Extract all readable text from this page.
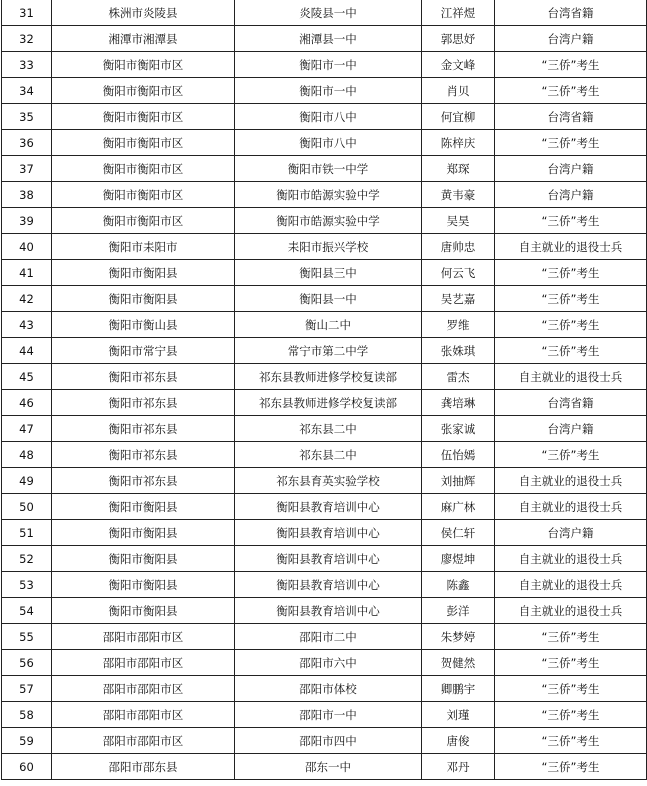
31	株洲市炎陵县	炎陵县一中	江祥煜	台湾省籍
32	湘潭市湘潭县	湘潭县一中	郭思妤	台湾户籍
33	衡阳市衡阳市区	衡阳市一中	金文峰	“三侨”考生
34	衡阳市衡阳市区	衡阳市一中	肖贝	“三侨”考生
35	衡阳市衡阳市区	衡阳市八中	何宜柳	台湾省籍
36	衡阳市衡阳市区	衡阳市八中	陈梓庆	“三侨”考生
37	衡阳市衡阳市区	衡阳市铁一中学	郑琛	台湾户籍
38	衡阳市衡阳市区	衡阳市皓源实验中学	黄韦豪	台湾户籍
39	衡阳市衡阳市区	衡阳市皓源实验中学	吴昊	“三侨”考生
40	衡阳市耒阳市	耒阳市振兴学校	唐帅忠	自主就业的退役士兵
41	衡阳市衡阳县	衡阳县三中	何云飞	“三侨”考生
42	衡阳市衡阳县	衡阳县一中	吴艺嘉	“三侨”考生
43	衡阳市衡山县	衡山二中	罗维	“三侨”考生
44	衡阳市常宁县	常宁市第二中学	张姝琪	“三侨”考生
45	衡阳市祁东县	祁东县教师进修学校复读部	雷杰	自主就业的退役士兵
46	衡阳市祁东县	祁东县教师进修学校复读部	龚培琳	台湾省籍
47	衡阳市祁东县	祁东县二中	张家诚	台湾户籍
48	衡阳市祁东县	祁东县二中	伍怡嫣	“三侨”考生
49	衡阳市祁东县	祁东县育英实验学校	刘抽辉	自主就业的退役士兵
50	衡阳市衡阳县	衡阳县教育培训中心	麻广林	自主就业的退役士兵
51	衡阳市衡阳县	衡阳县教育培训中心	侯仁轩	台湾户籍
52	衡阳市衡阳县	衡阳县教育培训中心	廖煜坤	自主就业的退役士兵
53	衡阳市衡阳县	衡阳县教育培训中心	陈鑫	自主就业的退役士兵
54	衡阳市衡阳县	衡阳县教育培训中心	彭洋	自主就业的退役士兵
55	邵阳市邵阳市区	邵阳市二中	朱梦婷	“三侨”考生
56	邵阳市邵阳市区	邵阳市六中	贺健然	“三侨”考生
57	邵阳市邵阳市区	邵阳市体校	卿鹏宇	“三侨”考生
58	邵阳市邵阳市区	邵阳市一中	刘瑾	“三侨”考生
59	邵阳市邵阳市区	邵阳市四中	唐俊	“三侨”考生
60	邵阳市邵东县	邵东一中	邓丹	“三侨”考生
